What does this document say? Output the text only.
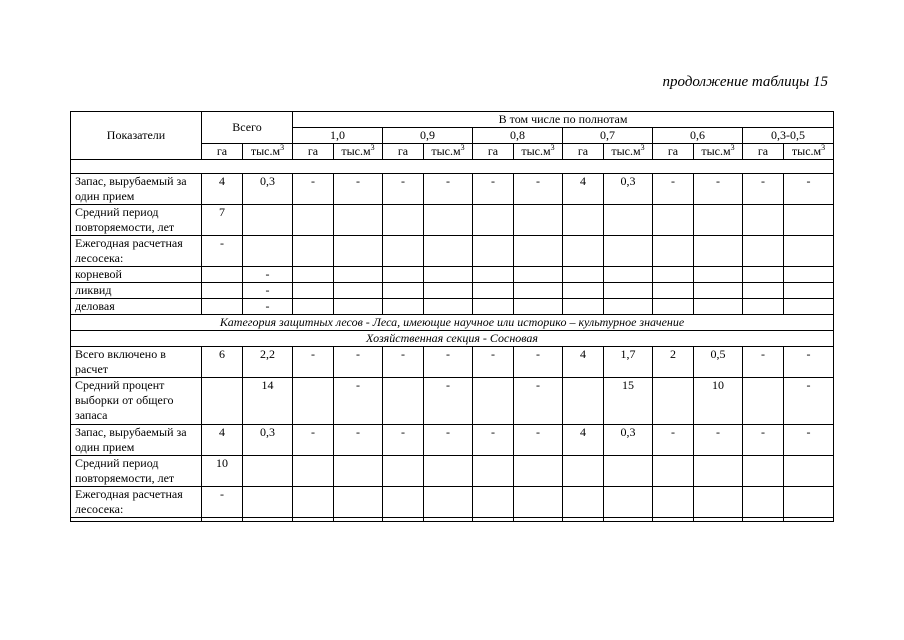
продолжение таблицы 15
Показатели	Всего		В том числе по полнотам											
			1,0		0,9		0,8		0,7		0,6		0,3-0,5	
	га	$тыс.м^3$	га	$тыс.м^3$	га	$тыс.м^3$	га	$тыс.м^3$	га	$тыс.м^3$	га	$тыс.м^3$	га	$тыс.м^3$

Запас, вырубаемый за один прием	4	0,3	-	-	-	-	-	-	4	0,3	-	-	-	-
Средний период повторяемости, лет	7													
Ежегодная расчетная лесосека:	-													
корневой		-												
ликвид		-												
деловая		-												
Категория защитных лесов - Леса, имеющие научное или историко – культурное значение														
Хозяйственная секция - Сосновая														
Всего включено в расчет	6	2,2	-	-	-	-	-	-	4	1,7	2	0,5	-	-
Средний процент выборки от общего запаса		14		-		-		-		15		10		-
Запас, вырубаемый за один прием	4	0,3	-	-	-	-	-	-	4	0,3	-	-	-	-
Средний период повторяемости, лет	10													
Ежегодная расчетная лесосека:	-													
